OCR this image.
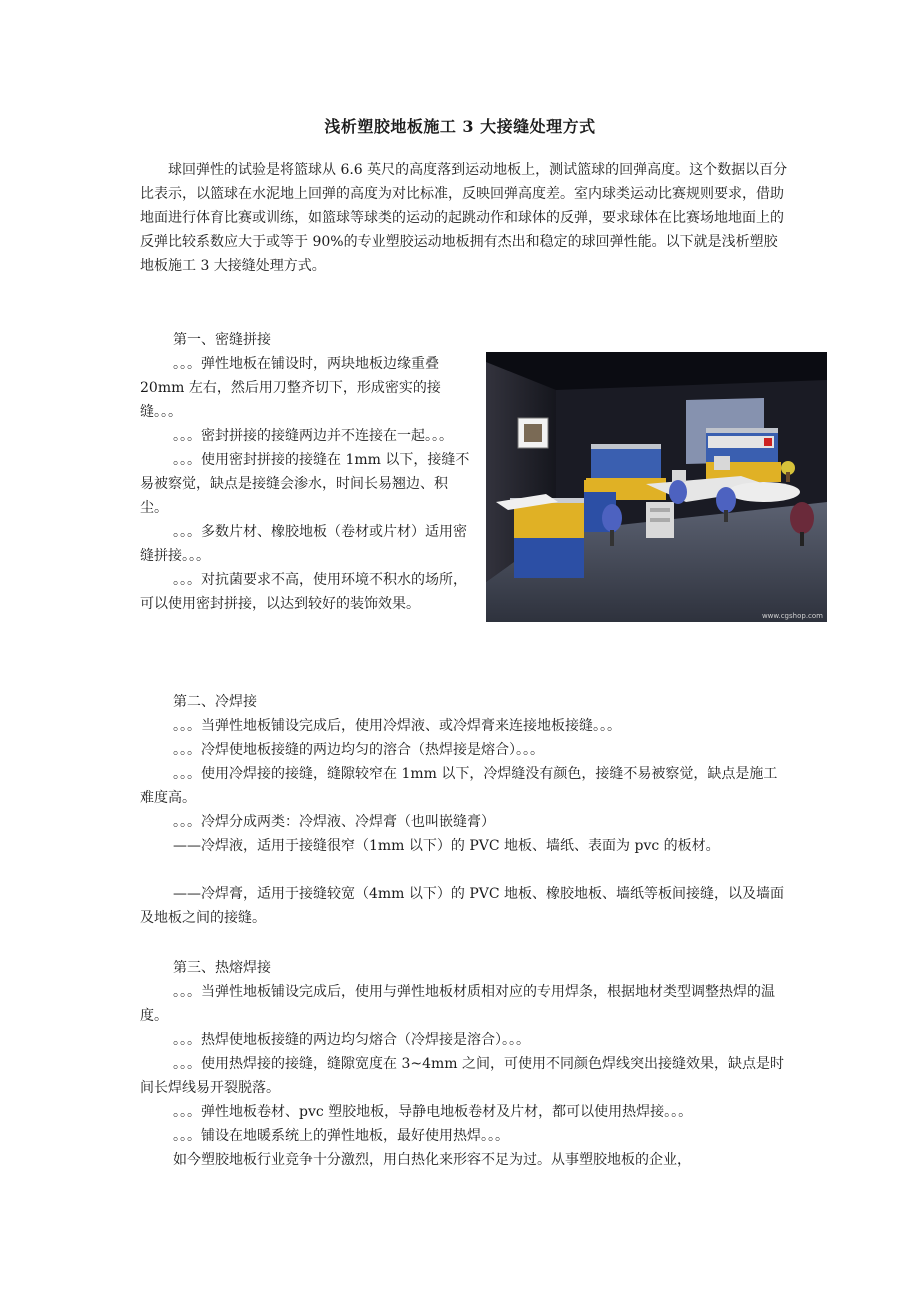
浅析塑胶地板施工 3 大接缝处理方式

球回弹性的试验是将篮球从 6.6 英尺的高度落到运动地板上，测试篮球的回弹高度。这个数据以百分比表示，以篮球在水泥地上回弹的高度为对比标准，反映回弹高度差。室内球类运动比赛规则要求，借助地面进行体育比赛或训练，如篮球等球类的运动的起跳动作和球体的反弹，要求球体在比赛场地地面上的反弹比较系数应大于或等于 90%的专业塑胶运动地板拥有杰出和稳定的球回弹性能。以下就是浅析塑胶地板施工 3 大接缝处理方式。

第一、密缝拼接

。。。弹性地板在铺设时，两块地板边缘重叠 20mm 左右，然后用刀整齐切下，形成密实的接缝。。。

。。。密封拼接的接缝两边并不连接在一起。。。

。。。使用密封拼接的接缝在 1mm 以下，接缝不易被察觉，缺点是接缝会渗水，时间长易翘边、积尘。

。。。多数片材、橡胶地板（卷材或片材）适用密缝拼接。。。

。。。对抗菌要求不高，使用环境不积水的场所，可以使用密封拼接，以达到较好的装饰效果。

www.cgshop.com

第二、冷焊接

。。。当弹性地板铺设完成后，使用冷焊液、或冷焊膏来连接地板接缝。。。

。。。冷焊使地板接缝的两边均匀的溶合（热焊接是熔合）。。。

。。。使用冷焊接的接缝，缝隙较窄在 1mm 以下，冷焊缝没有颜色，接缝不易被察觉，缺点是施工难度高。

。。。冷焊分成两类：冷焊液、冷焊膏（也叫嵌缝膏）

——冷焊液，适用于接缝很窄（1mm 以下）的 PVC 地板、墙纸、表面为 pvc 的板材。

——冷焊膏，适用于接缝较宽（4mm 以下）的 PVC 地板、橡胶地板、墙纸等板间接缝，以及墙面及地板之间的接缝。

第三、热熔焊接

。。。当弹性地板铺设完成后，使用与弹性地板材质相对应的专用焊条，根据地材类型调整热焊的温度。

。。。热焊使地板接缝的两边均匀熔合（冷焊接是溶合）。。。

。。。使用热焊接的接缝，缝隙宽度在 3~4mm 之间，可使用不同颜色焊线突出接缝效果，缺点是时间长焊线易开裂脱落。

。。。弹性地板卷材、pvc 塑胶地板，导静电地板卷材及片材，都可以使用热焊接。。。

。。。铺设在地暖系统上的弹性地板，最好使用热焊。。。

如今塑胶地板行业竞争十分激烈，用白热化来形容不足为过。从事塑胶地板的企业，
